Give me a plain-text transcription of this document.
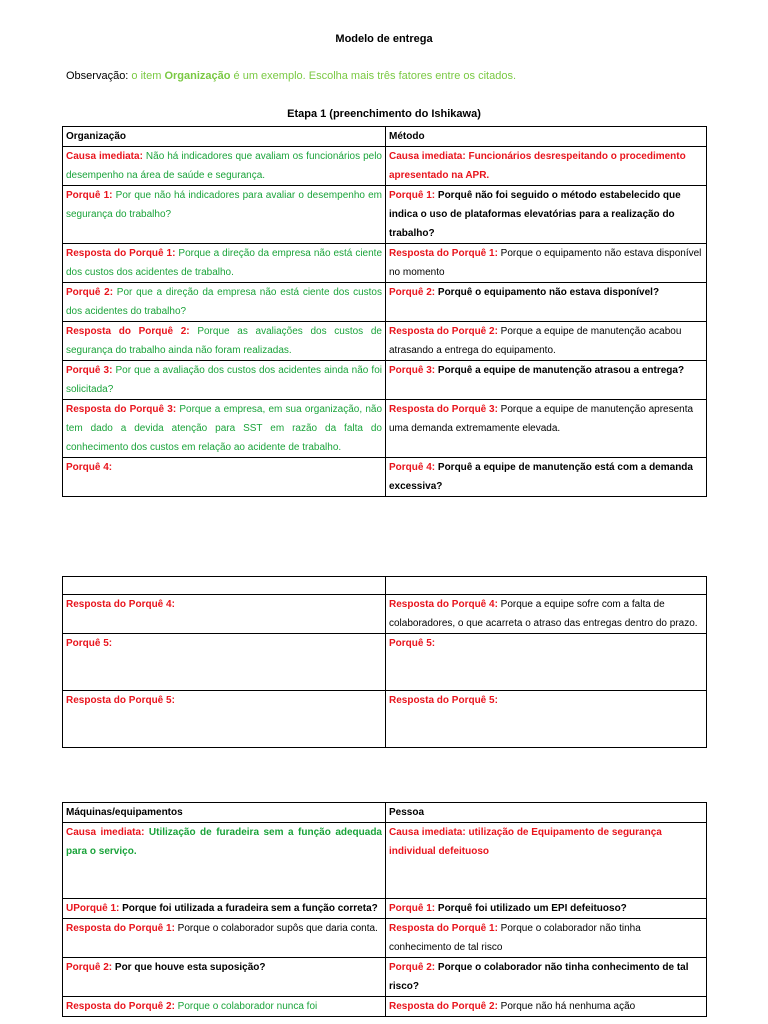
Modelo de entrega
Observação: o item Organização é um exemplo. Escolha mais três fatores entre os citados.
Etapa 1 (preenchimento do Ishikawa)
Organização	Método
Causa imediata: Não há indicadores que avaliam os funcionários pelo desempenho na área de saúde e segurança.	Causa imediata: Funcionários desrespeitando o procedimento apresentado na APR.
Porquê 1: Por que não há indicadores para avaliar o desempenho em segurança do trabalho?	Porquê 1: Porquê não foi seguido o método estabelecido que indica o uso de plataformas elevatórias para a realização do trabalho?
Resposta do Porquê 1: Porque a direção da empresa não está ciente dos custos dos acidentes de trabalho.	Resposta do Porquê 1: Porque o equipamento não estava disponível no momento
Porquê 2: Por que a direção da empresa não está ciente dos custos dos acidentes do trabalho?	Porquê 2: Porquê o equipamento não estava disponível?
Resposta do Porquê 2: Porque as avaliações dos custos de segurança do trabalho ainda não foram realizadas.	Resposta do Porquê 2: Porque a equipe de manutenção acabou atrasando a entrega do equipamento.
Porquê 3: Por que a avaliação dos custos dos acidentes ainda não foi solicitada?	Porquê 3: Porquê a equipe de manutenção atrasou a entrega?
Resposta do Porquê 3: Porque a empresa, em sua organização, não tem dado a devida atenção para SST em razão da falta do conhecimento dos custos em relação ao acidente de trabalho.	Resposta do Porquê 3: Porque a equipe de manutenção apresenta uma demanda extremamente elevada.
Porquê 4:	Porquê 4: Porquê a equipe de manutenção está com a demanda excessiva?

Resposta do Porquê 4:	Resposta do Porquê 4: Porque a equipe sofre com a falta de colaboradores, o que acarreta o atraso das entregas dentro do prazo.
Porquê 5:	Porquê 5:
Resposta do Porquê 5:	Resposta do Porquê 5:
Máquinas/equipamentos	Pessoa
Causa imediata: Utilização de furadeira sem a função adequada para o serviço.	Causa imediata: utilização de Equipamento de segurança individual defeituoso
UPorquê 1: Porque foi utilizada a furadeira sem a função correta?	Porquê 1: Porquê foi utilizado um EPI defeituoso?
Resposta do Porquê 1: Porque o colaborador supôs que daria conta.	Resposta do Porquê 1: Porque o colaborador não tinha conhecimento de tal risco
Porquê 2: Por que houve esta suposição?	Porquê 2: Porque o colaborador não tinha conhecimento de tal risco?
Resposta do Porquê 2: Porque o colaborador nunca foi	Resposta do Porquê 2: Porque não há nenhuma ação
